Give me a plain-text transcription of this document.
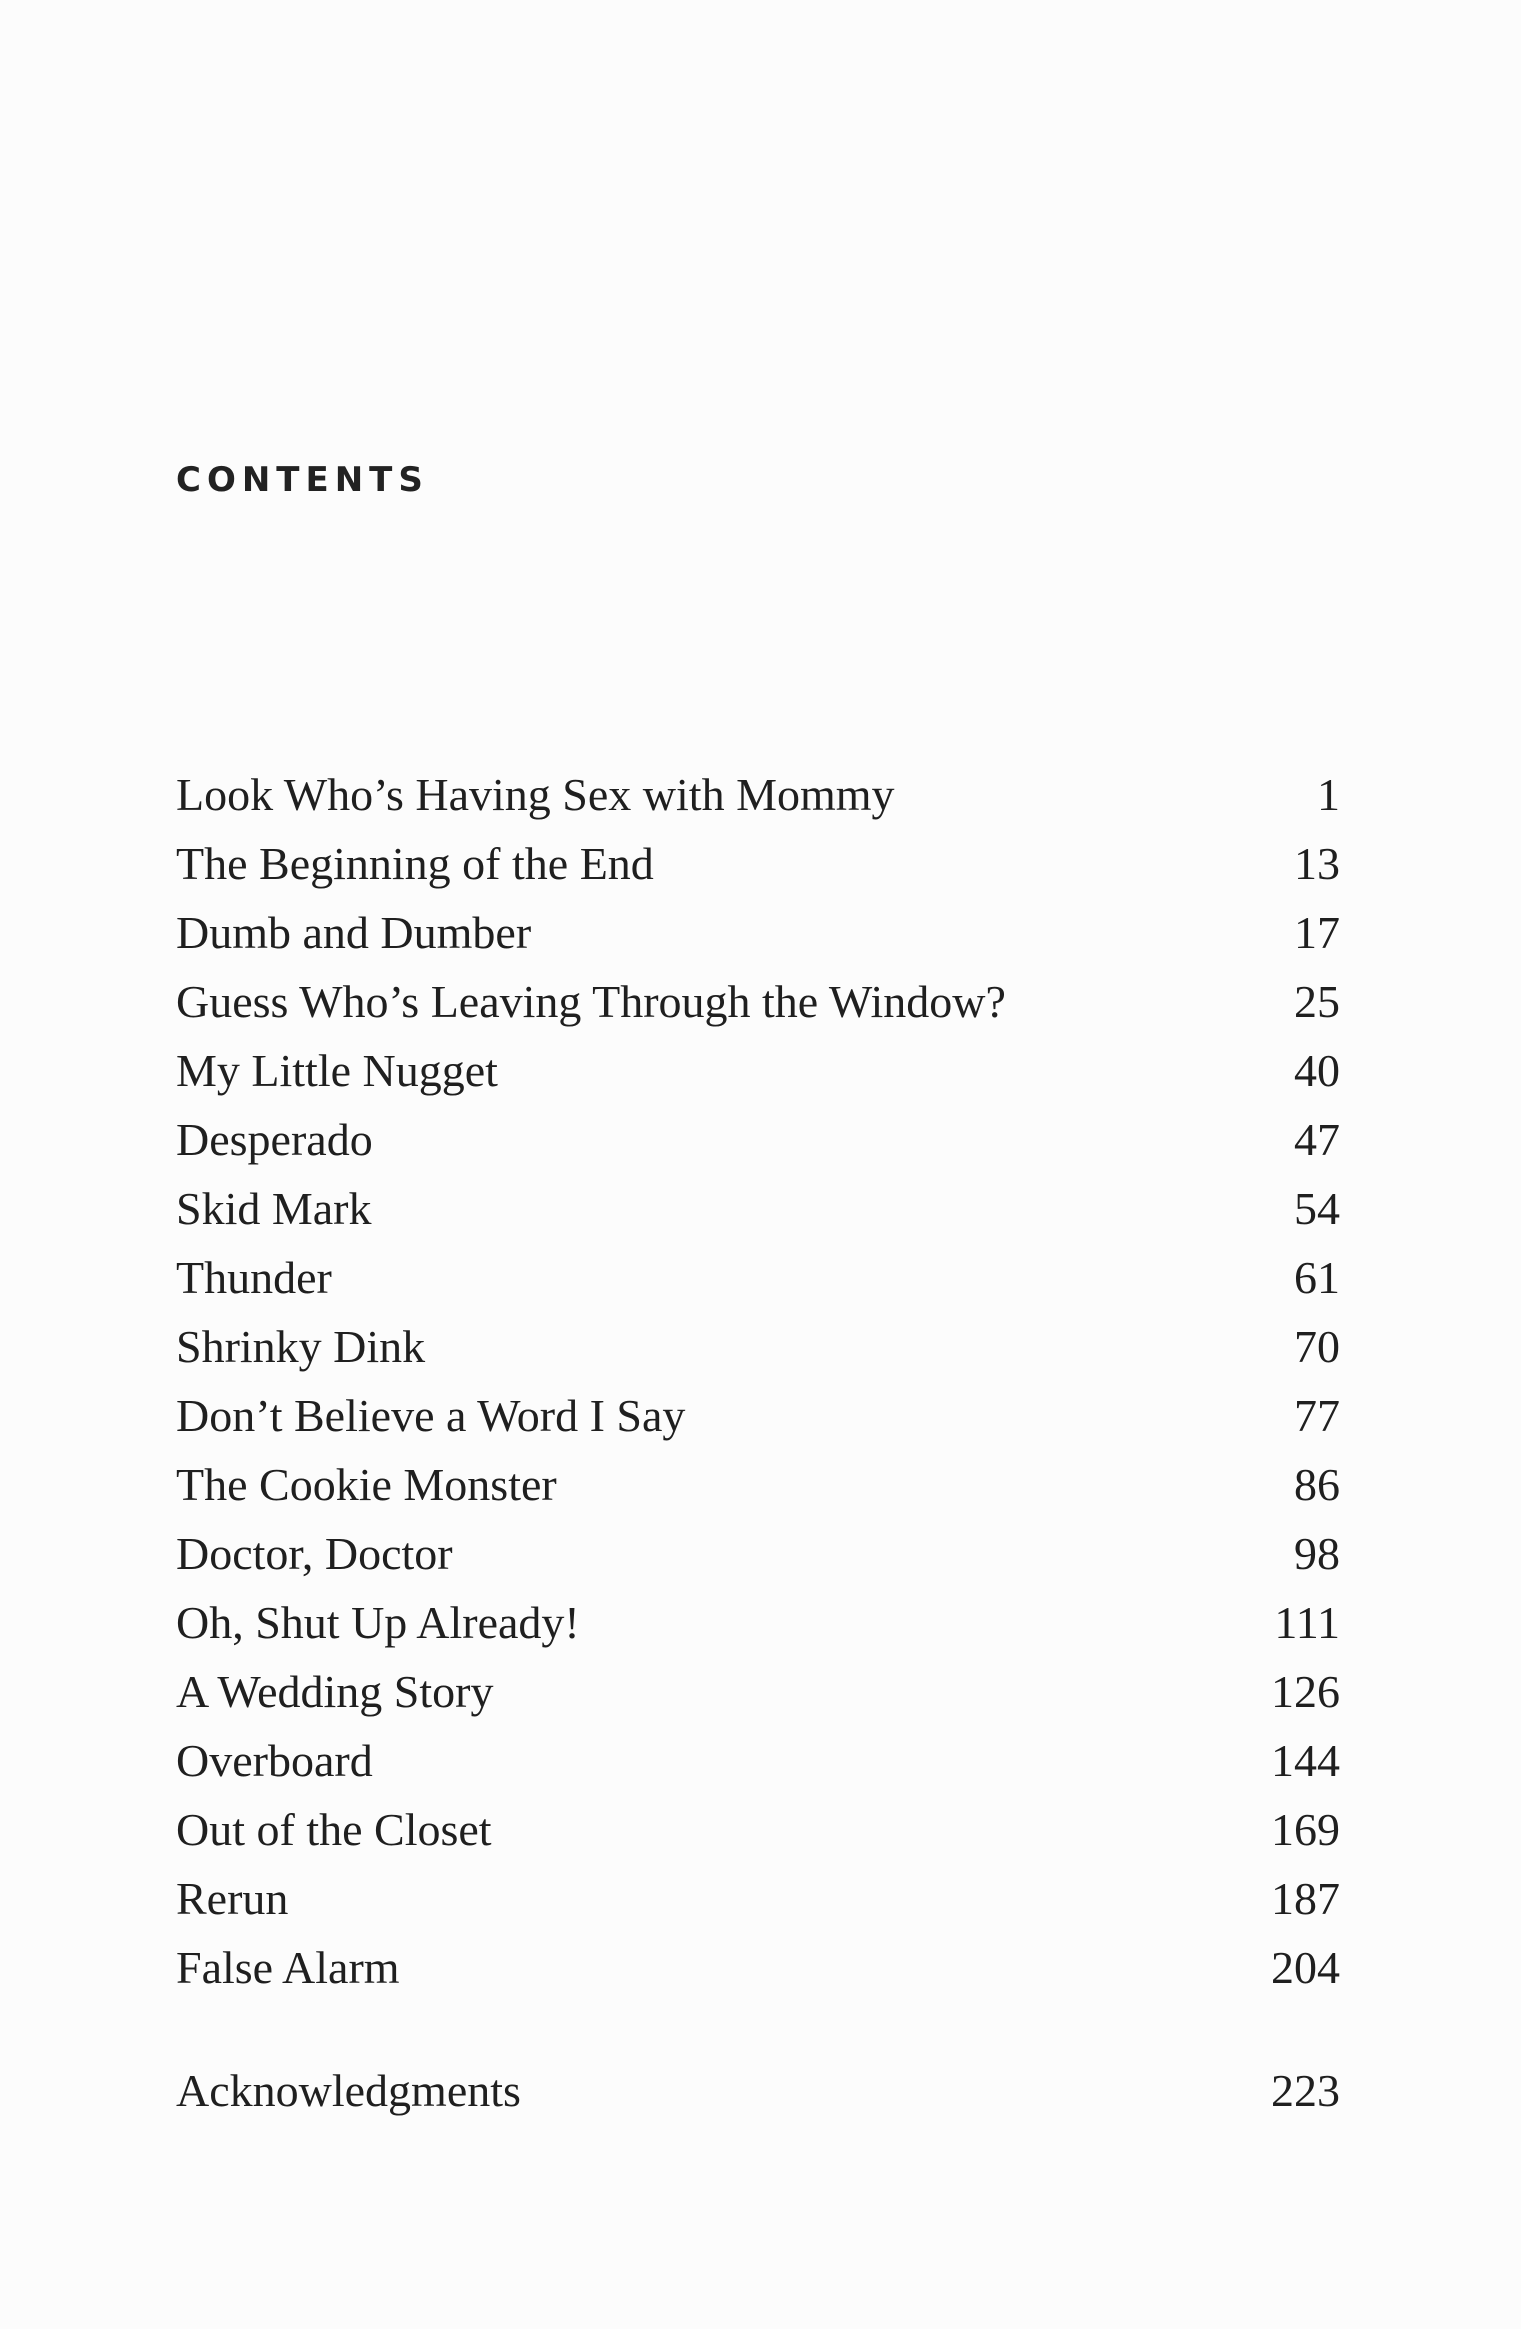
CONTENTS
Look Who’s Having Sex with Mommy	1
The Beginning of the End	13
Dumb and Dumber	17
Guess Who’s Leaving Through the Window?	25
My Little Nugget	40
Desperado	47
Skid Mark	54
Thunder	61
Shrinky Dink	70
Don’t Believe a Word I Say	77
The Cookie Monster	86
Doctor, Doctor	98
Oh, Shut Up Already!	111
A Wedding Story	126
Overboard	144
Out of the Closet	169
Rerun	187
False Alarm	204
Acknowledgments	223
